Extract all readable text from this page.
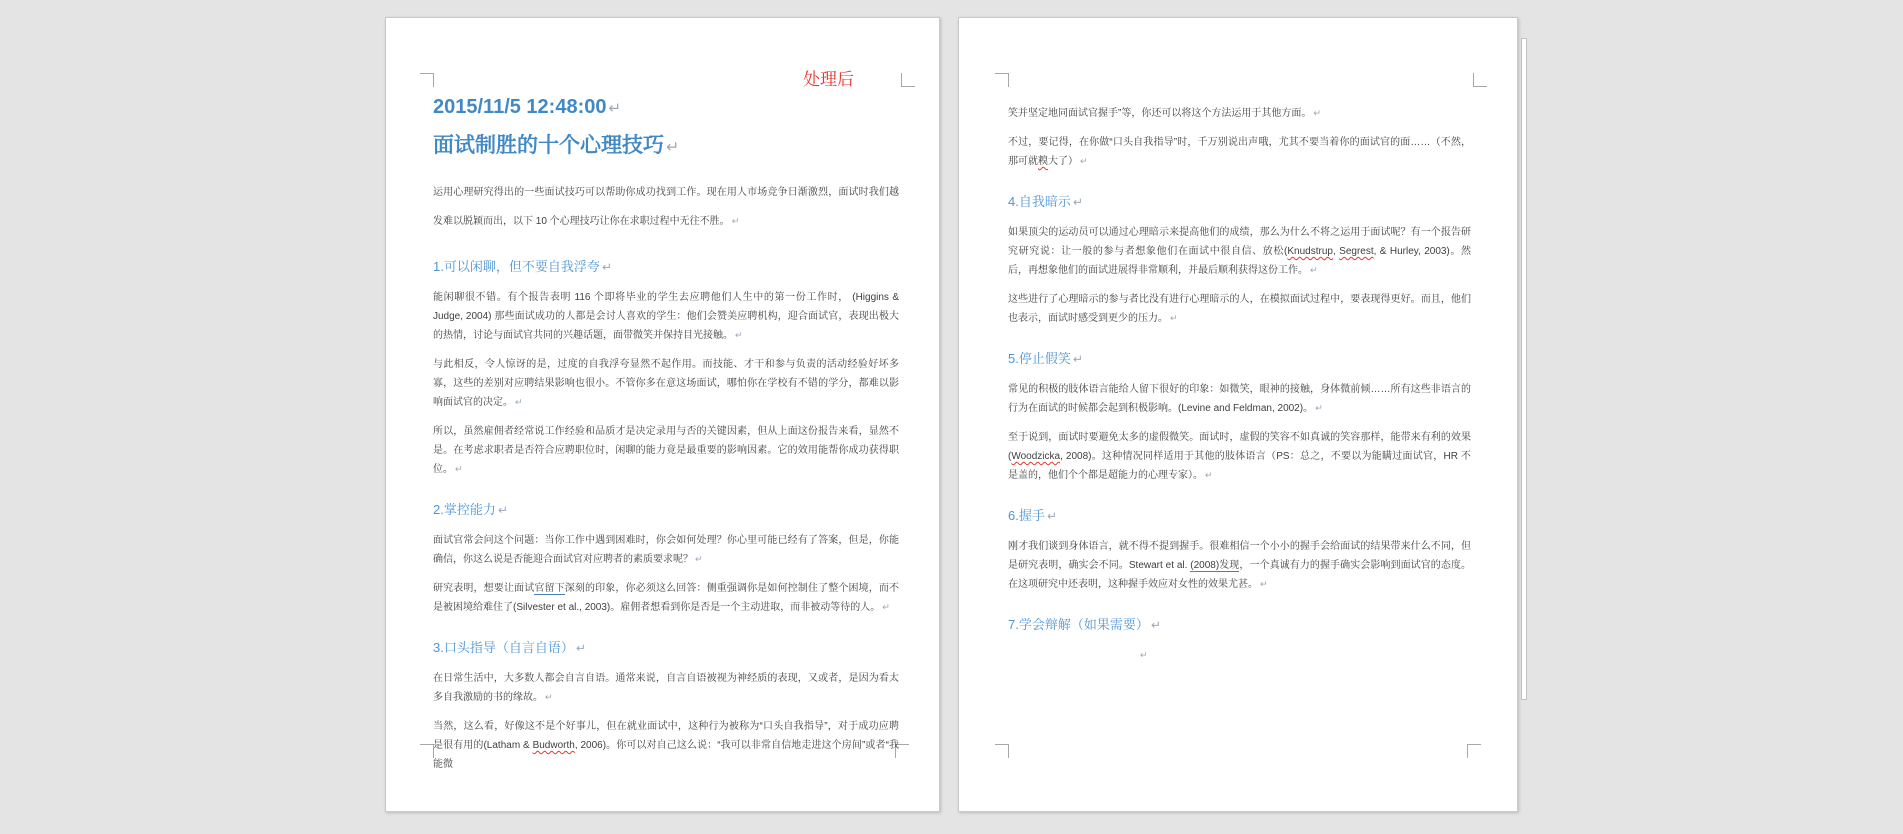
处理后
2015/11/5 12:48:00 ↵
面试制胜的十个心理技巧 ↵
运用心理研究得出的一些面试技巧可以帮助你成功找到工作。现在用人市场竞争日渐激烈，面试时我们越发难以脱颖而出，以下 10 个心理技巧让你在求职过程中无往不胜。 ↵
1.可以闲聊，但不要自我浮夸 ↵
能闲聊很不错。有个报告表明 116 个即将毕业的学生去应聘他们人生中的第一份工作时， (Higgins & Judge, 2004) 那些面试成功的人都是会讨人喜欢的学生：他们会赞美应聘机构，迎合面试官，表现出极大的热情，讨论与面试官共同的兴趣话题，面带微笑并保持目光接触。 ↵
与此相反，令人惊讶的是，过度的自我浮夸显然不起作用。而技能、才干和参与负责的活动经验好坏多寡，这些的差别对应聘结果影响也很小。不管你多在意这场面试，哪怕你在学校有不错的学分，都难以影响面试官的决定。 ↵
所以，虽然雇佣者经常说工作经验和品质才是决定录用与否的关键因素，但从上面这份报告来看，显然不是。在考虑求职者是否符合应聘职位时，闲聊的能力竟是最重要的影响因素。它的效用能帮你成功获得职位。 ↵
2.掌控能力 ↵
面试官常会问这个问题：当你工作中遇到困难时，你会如何处理？你心里可能已经有了答案，但是，你能确信，你这么说是否能迎合面试官对应聘者的素质要求呢？ ↵
研究表明，想要让面试官留下深刻的印象，你必须这么回答：侧重强调你是如何控制住了整个困境，而不是被困境给难住了(Silvester et al., 2003)。雇佣者想看到你是否是一个主动进取，而非被动等待的人。 ↵
3.口头指导（自言自语） ↵
在日常生活中，大多数人都会自言自语。通常来说，自言自语被视为神经质的表现，又或者，是因为看太多自我激励的书的缘故。 ↵
当然，这么看，好像这不是个好事儿，但在就业面试中，这种行为被称为“口头自我指导”，对于成功应聘是很有用的(Latham & Budworth, 2006)。你可以对自己这么说：“我可以非常自信地走进这个房间”或者“我能微
笑并坚定地同面试官握手”等，你还可以将这个方法运用于其他方面。 ↵
不过，要记得，在你做“口头自我指导”时，千万别说出声哦，尤其不要当着你的面试官的面……（不然，那可就糗大了） ↵
4.自我暗示 ↵
如果顶尖的运动员可以通过心理暗示来提高他们的成绩，那么为什么不将之运用于面试呢？有一个报告研究研究说：让一般的参与者想象他们在面试中很自信、放松(Knudstrup, Segrest, & Hurley, 2003)。然后，再想象他们的面试进展得非常顺利，并最后顺利获得这份工作。 ↵
这些进行了心理暗示的参与者比没有进行心理暗示的人，在模拟面试过程中，要表现得更好。而且，他们也表示，面试时感受到更少的压力。 ↵
5.停止假笑 ↵
常见的积极的肢体语言能给人留下很好的印象：如微笑，眼神的接触，身体微前倾……所有这些非语言的行为在面试的时候都会起到积极影响。(Levine and Feldman, 2002)。 ↵
至于说到，面试时要避免太多的虚假微笑。面试时，虚假的笑容不如真诚的笑容那样，能带来有利的效果(Woodzicka, 2008)。这种情况同样适用于其他的肢体语言（PS：总之，不要以为能瞒过面试官，HR 不是盖的，他们个个都是超能力的心理专家）。 ↵
6.握手 ↵
刚才我们谈到身体语言，就不得不提到握手。很难相信一个小小的握手会给面试的结果带来什么不同，但是研究表明，确实会不同。Stewart et al. (2008)发现，一个真诚有力的握手确实会影响到面试官的态度。在这项研究中还表明，这种握手效应对女性的效果尤甚。 ↵
7.学会辩解（如果需要） ↵
↵
